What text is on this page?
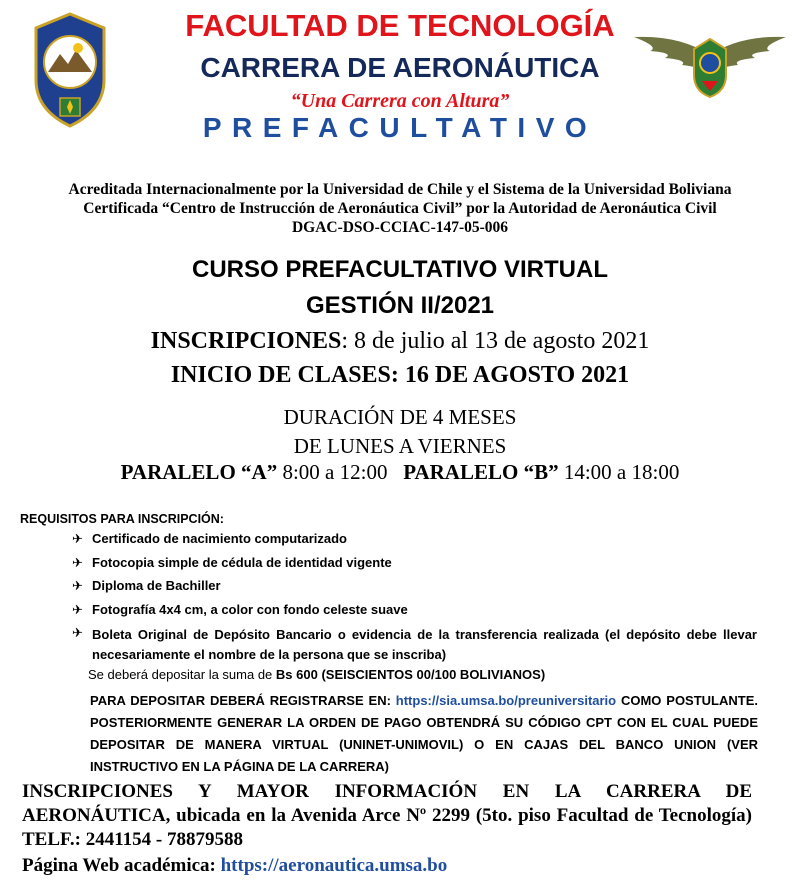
FACULTAD DE TECNOLOGÍA
CARRERA DE AERONÁUTICA
“Una Carrera con Altura”
PREFACULTATIVO
Acreditada Internacionalmente por la Universidad de Chile y el Sistema de la Universidad Boliviana
Certificada “Centro de Instrucción de Aeronáutica Civil” por la Autoridad de Aeronáutica Civil
DGAC-DSO-CCIAC-147-05-006
CURSO PREFACULTATIVO VIRTUAL
GESTIÓN II/2021
INSCRIPCIONES: 8 de julio al 13 de agosto 2021
INICIO DE CLASES: 16 DE AGOSTO 2021
DURACIÓN DE 4 MESES
DE LUNES A VIERNES
PARALELO “A” 8:00 a 12:00   PARALELO “B” 14:00 a 18:00
REQUISITOS PARA INSCRIPCIÓN:
✈ Certificado de nacimiento computarizado
✈ Fotocopia simple de cédula de identidad vigente
✈ Diploma de Bachiller
✈ Fotografía 4x4 cm, a color con fondo celeste suave
✈ Boleta Original de Depósito Bancario o evidencia de la transferencia realizada (el depósito debe llevar necesariamente el nombre de la persona que se inscriba)
Se deberá depositar la suma de Bs 600 (SEISCIENTOS 00/100 BOLIVIANOS)
PARA DEPOSITAR DEBERÁ REGISTRARSE EN: https://sia.umsa.bo/preuniversitario COMO POSTULANTE. POSTERIORMENTE GENERAR LA ORDEN DE PAGO OBTENDRÁ SU CÓDIGO CPT CON EL CUAL PUEDE DEPOSITAR DE MANERA VIRTUAL (UNINET-UNIMOVIL) O EN CAJAS DEL BANCO UNION (VER INSTRUCTIVO EN LA PÁGINA DE LA CARRERA)
INSCRIPCIONES Y MAYOR INFORMACIÓN EN LA CARRERA DE AERONÁUTICA, ubicada en la Avenida Arce Nº 2299 (5to. piso Facultad de Tecnología) TELF.: 2441154 - 78879588
Página Web académica: https://aeronautica.umsa.bo
